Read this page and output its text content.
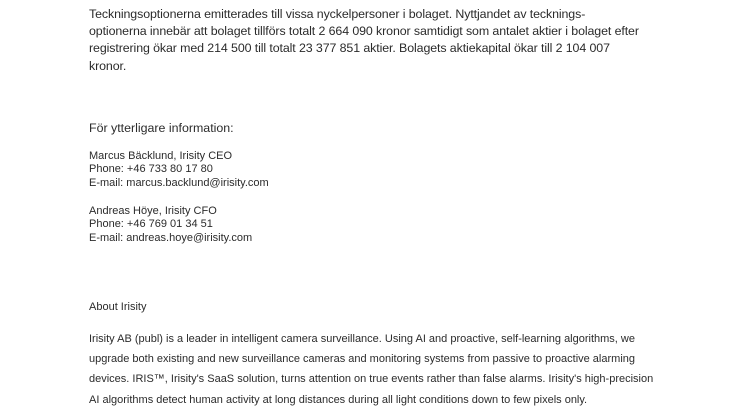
Teckningsoptionerna emitterades till vissa nyckelpersoner i bolaget. Nyttjandet av tecknings-
optionerna innebär att bolaget tillförs totalt 2 664 090 kronor samtidigt som antalet aktier i bolaget efter
registrering ökar med 214 500 till totalt 23 377 851 aktier. Bolagets aktiekapital ökar till 2 104 007
kronor.
För ytterligare information:
Marcus Bäcklund, Irisity CEO
Phone: +46 733 80 17 80
E-mail: marcus.backlund@irisity.com
Andreas Höye, Irisity CFO
Phone: +46 769 01 34 51
E-mail: andreas.hoye@irisity.com
About Irisity
Irisity AB (publ) is a leader in intelligent camera surveillance. Using AI and proactive, self-learning algorithms, we
upgrade both existing and new surveillance cameras and monitoring systems from passive to proactive alarming
devices. IRIS™, Irisity's SaaS solution, turns attention on true events rather than false alarms. Irisity's high-precision
AI algorithms detect human activity at long distances during all light conditions down to few pixels only.
